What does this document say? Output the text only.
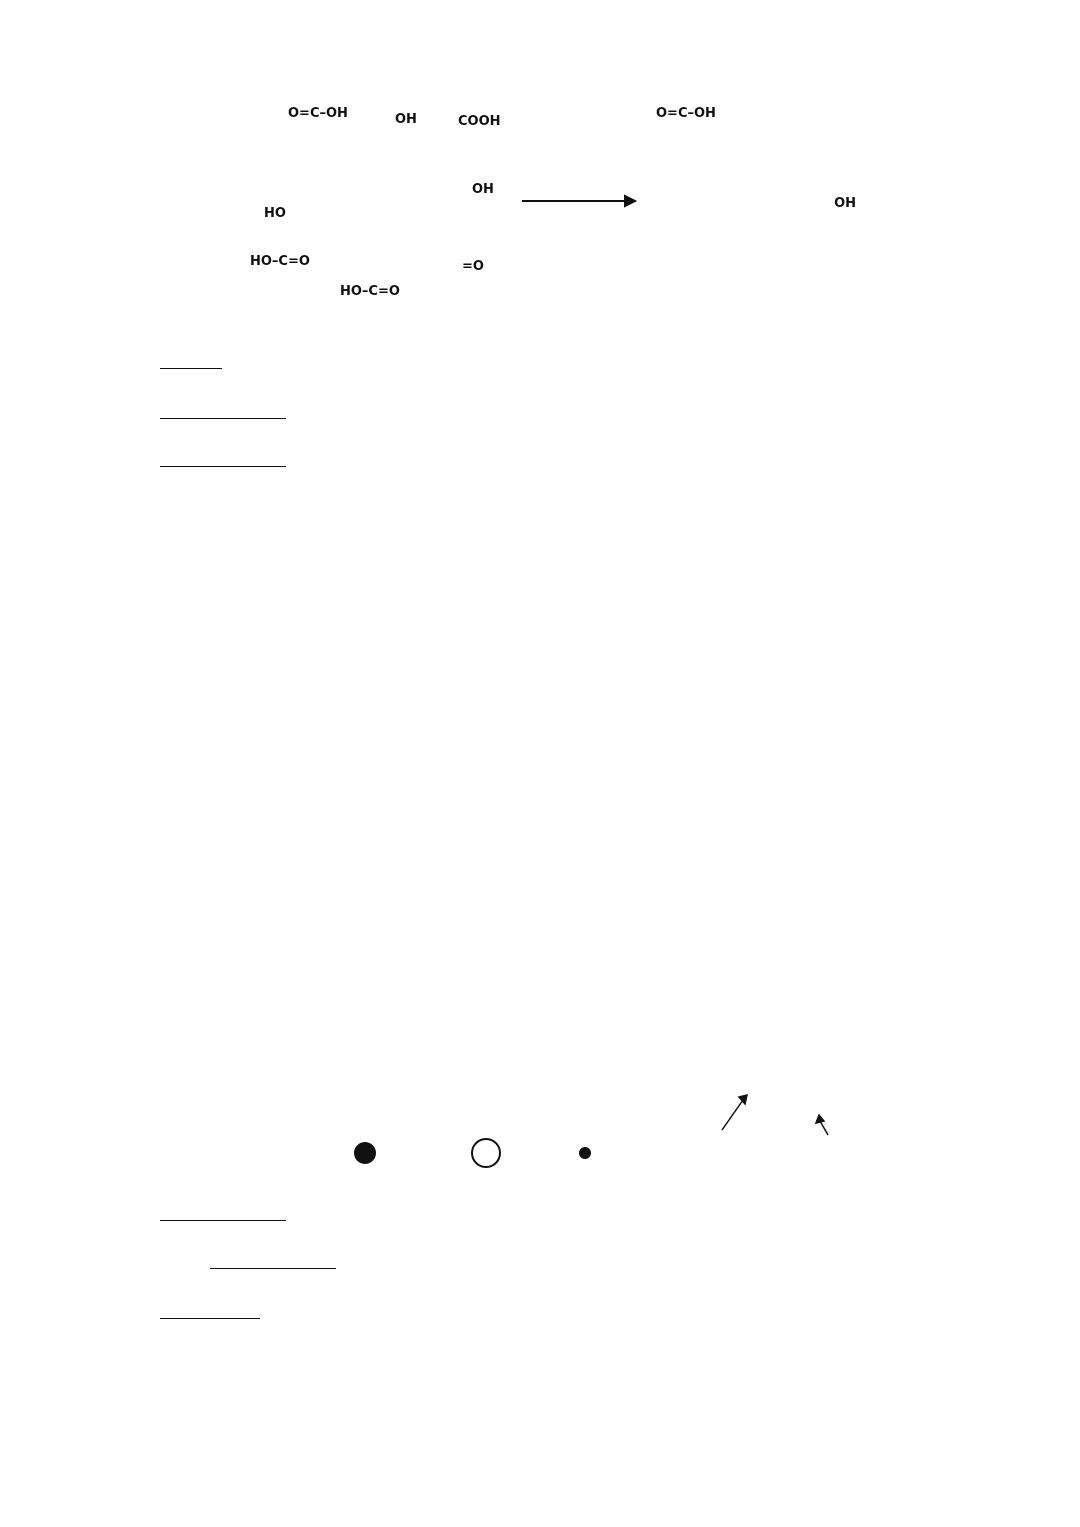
O=C–OH	OH	COOH
OH
HO
HO–C=O
HO–C=O
=O
O=C–OH
OH
